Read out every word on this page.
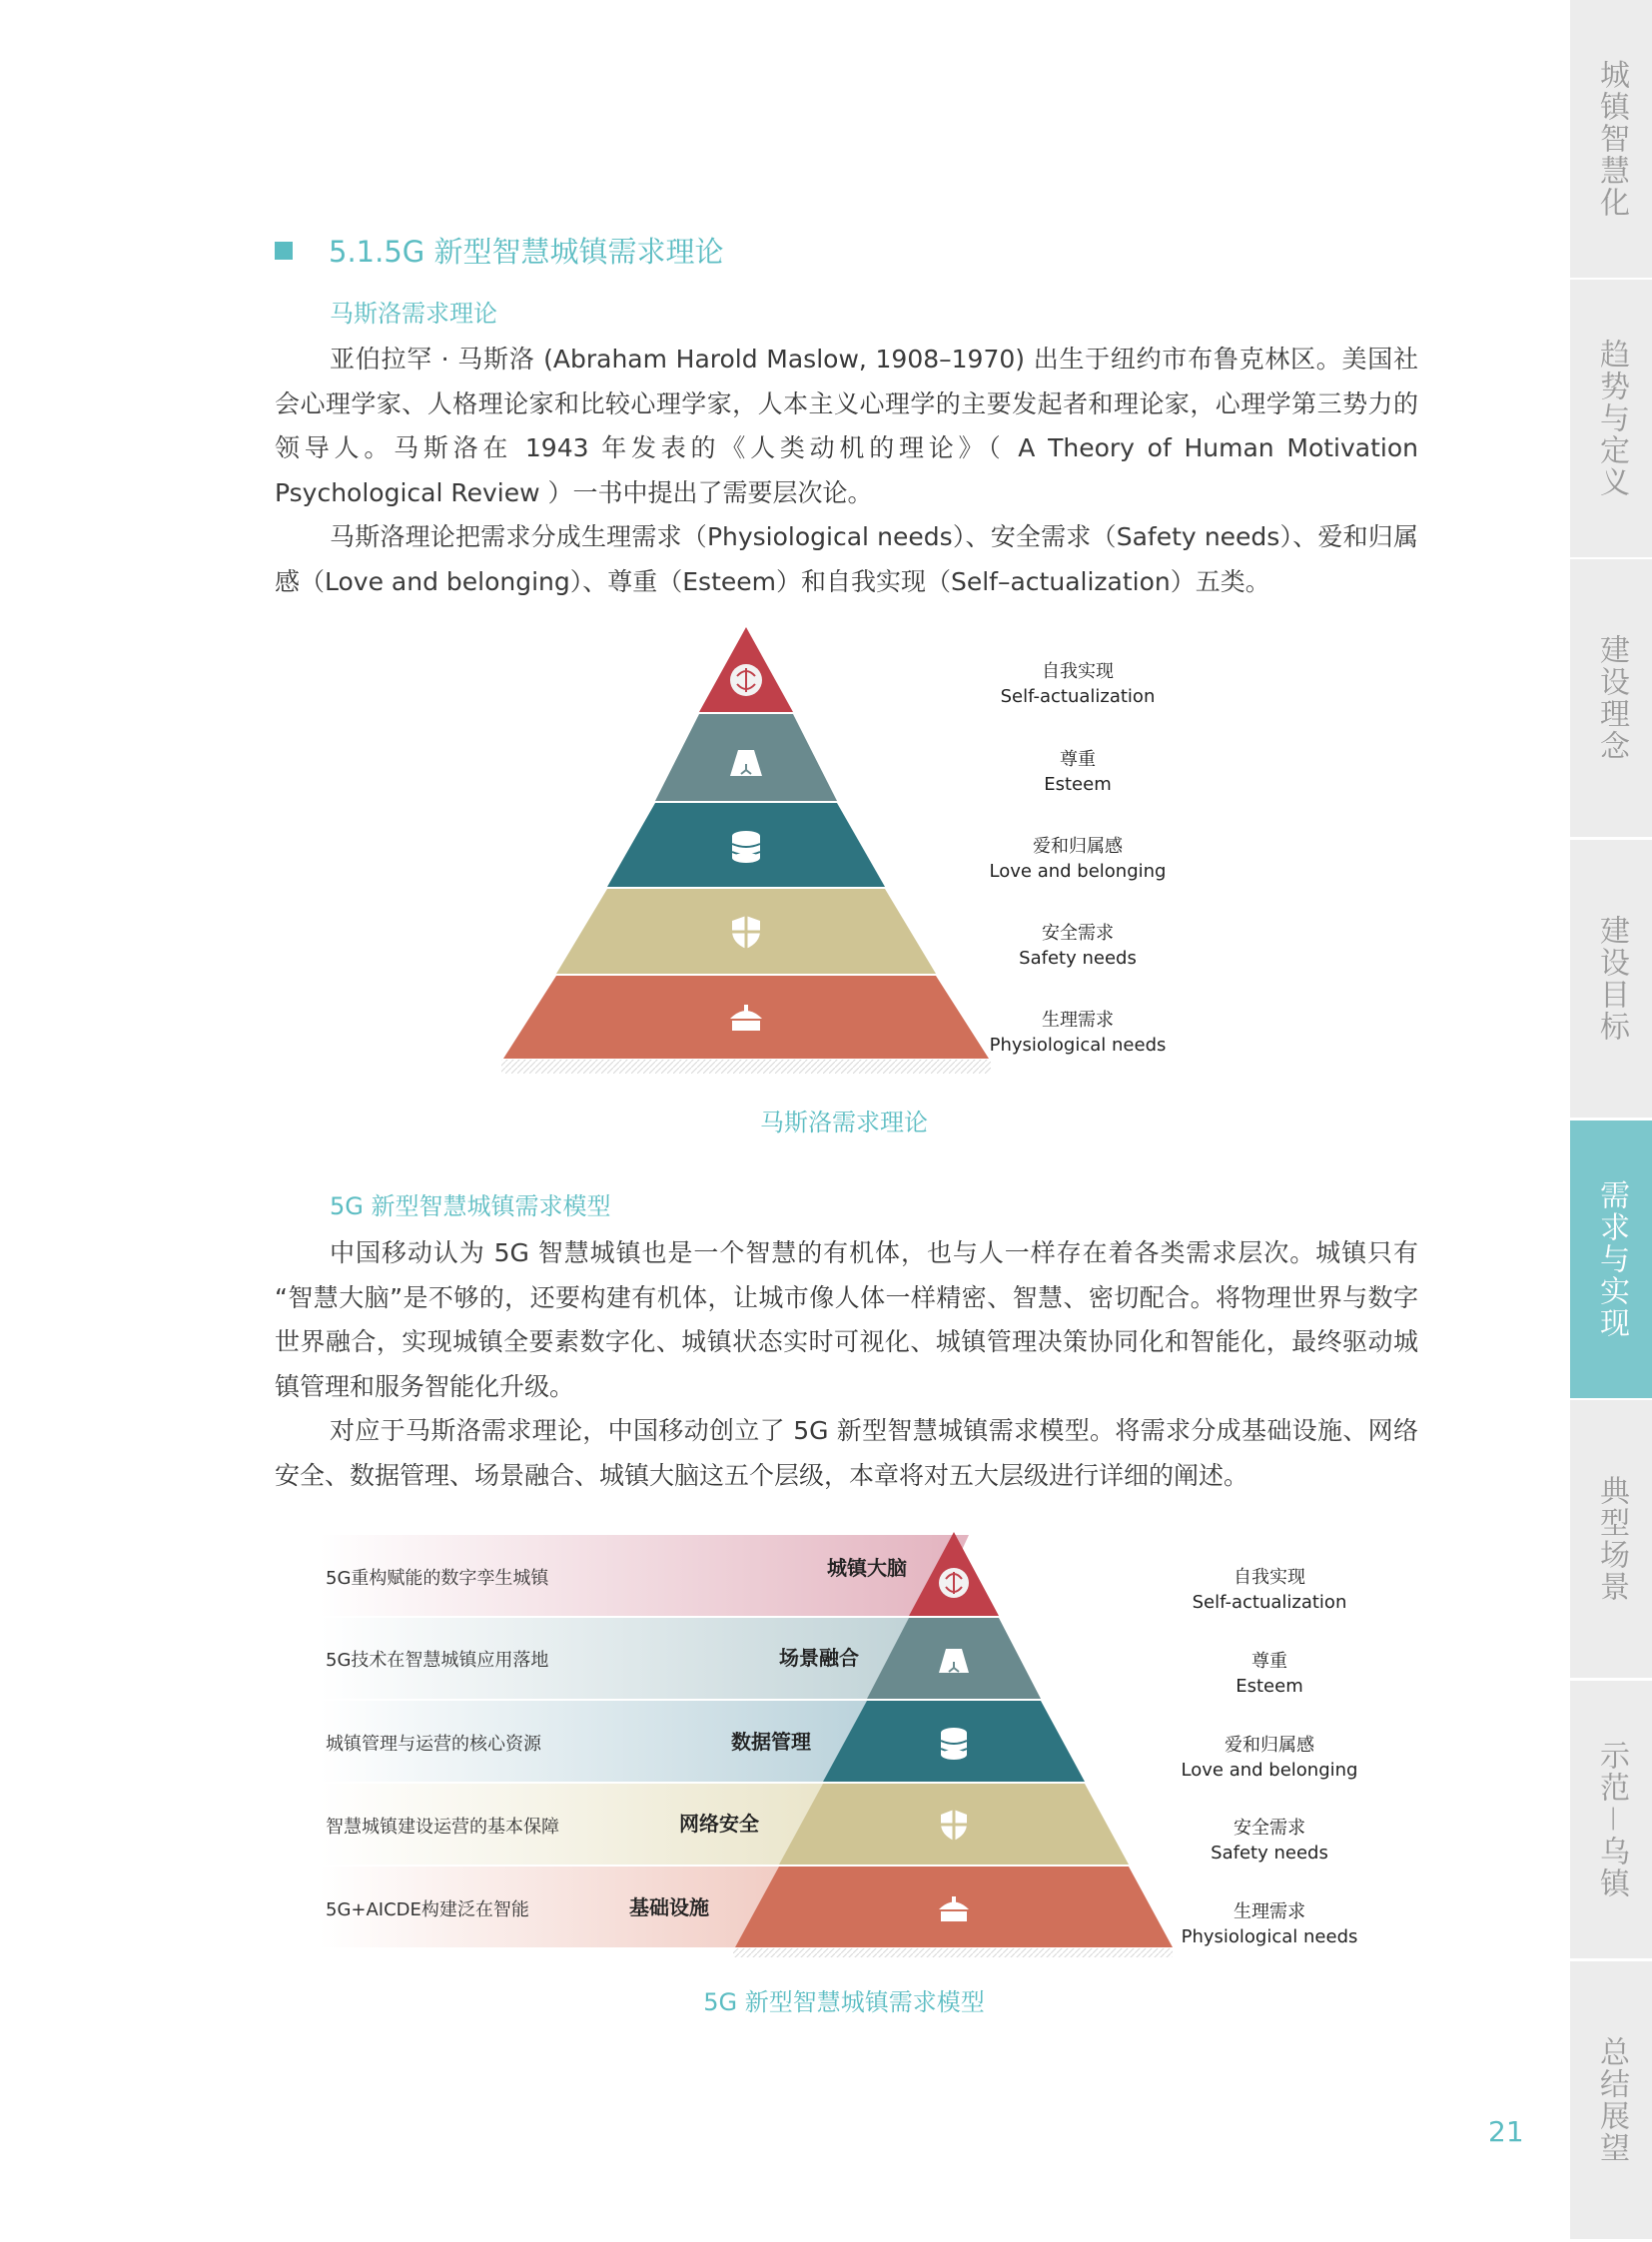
城镇智慧化
趋势与定义
建设理念
建设目标
需求与实现
典型场景
示范－乌镇
总结展望
5.1.5G 新型智慧城镇需求理论
马斯洛需求理论

亚伯拉罕 · 马斯洛 (Abraham Harold Maslow, 1908–1970) 出生于纽约市布鲁克林区。美国社会心理学家、人格理论家和比较心理学家，人本主义心理学的主要发起者和理论家，心理学第三势力的领导人。马斯洛在 1943 年发表的《人类动机的理论》（ A Theory of Human Motivation Psychological Review ）一书中提出了需要层次论。

马斯洛理论把需求分成生理需求（Physiological needs）、安全需求（Safety needs）、爱和归属感（Love and belonging）、尊重（Esteem）和自我实现（Self–actualization）五类。

自我实现
Self-actualization
尊重
Esteem
爱和归属感
Love and belonging
安全需求
Safety needs
生理需求
Physiological needs
马斯洛需求理论
5G 新型智慧城镇需求模型

中国移动认为 5G 智慧城镇也是一个智慧的有机体，也与人一样存在着各类需求层次。城镇只有 “智慧大脑”是不够的，还要构建有机体，让城市像人体一样精密、智慧、密切配合。将物理世界与数字世界融合，实现城镇全要素数字化、城镇状态实时可视化、城镇管理决策协同化和智能化，最终驱动城镇管理和服务智能化升级。

对应于马斯洛需求理论，中国移动创立了 5G 新型智慧城镇需求模型。将需求分成基础设施、网络安全、数据管理、场景融合、城镇大脑这五个层级，本章将对五大层级进行详细的阐述。

5G重构赋能的数字孪生城镇
5G技术在智慧城镇应用落地
城镇管理与运营的核心资源
智慧城镇建设运营的基本保障
5G+AICDE构建泛在智能
城镇大脑
场景融合
数据管理
网络安全
基础设施
自我实现
Self-actualization
尊重
Esteem
爱和归属感
Love and belonging
安全需求
Safety needs
生理需求
Physiological needs
5G 新型智慧城镇需求模型
21
